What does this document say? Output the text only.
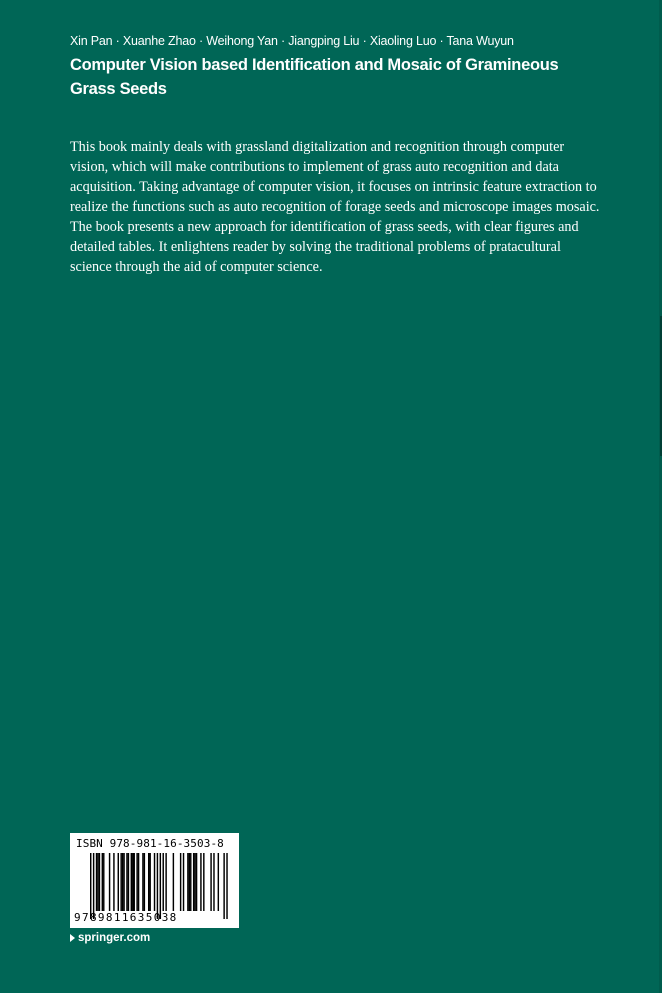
Xin Pan · Xuanhe Zhao · Weihong Yan · Jiangping Liu · Xiaoling Luo · Tana Wuyun
Computer Vision based Identification and Mosaic of Gramineous Grass Seeds

This book mainly deals with grassland digitalization and recognition through computer vision, which will make contributions to implement of grass auto recognition and data acquisition. Taking advantage of computer vision, it focuses on intrinsic feature extraction to realize the functions such as auto recognition of forage seeds and microscope images mosaic. The book presents a new approach for identification of grass seeds, with clear figures and detailed tables. It enlightens reader by solving the traditional problems of pratacultural science through the aid of computer science.

ISBN 978-981-16-3503-8
9789811635038
springer.com
